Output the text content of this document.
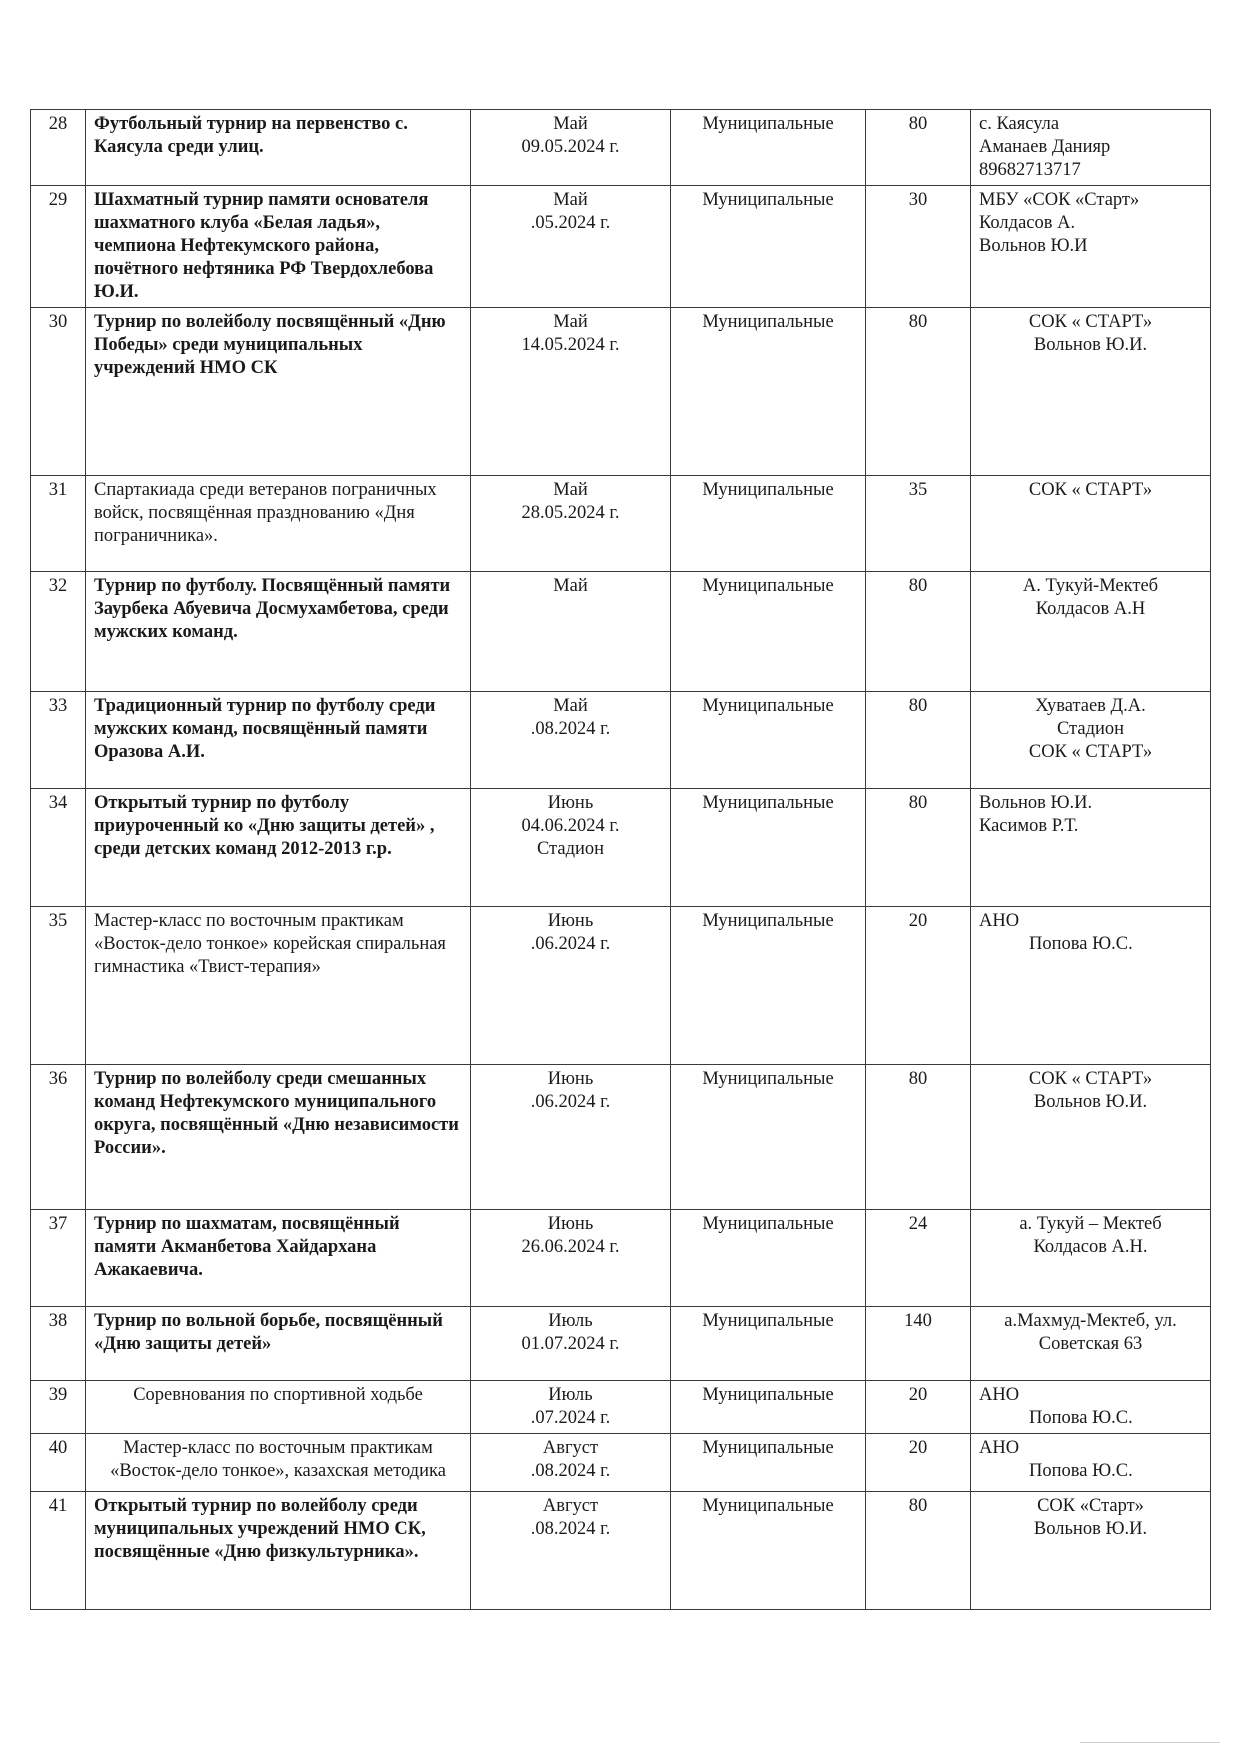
28	Футбольный турнир на первенство с. Каясула среди улиц.	Май
09.05.2024 г.	Муниципальные	80	с. Каясула
Аманаев Данияр
89682713717

29	Шахматный турнир памяти основателя шахматного клуба «Белая ладья», чемпиона Нефтекумского района, почётного нефтяника РФ Твердохлебова Ю.И.	Май
.05.2024 г.	Муниципальные	30	МБУ «СОК «Старт»
Колдасов А.
Вольнов Ю.И

30	Турнир по волейболу посвящённый «Дню Победы» среди муниципальных учреждений НМО СК	Май
14.05.2024 г.	Муниципальные	80	СОК « СТАРТ»
Вольнов Ю.И.

31	Спартакиада среди ветеранов пограничных войск, посвящённая празднованию «Дня пограничника».	Май
28.05.2024 г.	Муниципальные	35	СОК « СТАРТ»

32	Турнир по футболу. Посвящённый памяти Заурбека Абуевича Досмухамбетова, среди мужских команд.	Май	Муниципальные	80	А. Тукуй-Мектеб
Колдасов А.Н

33	Традиционный турнир по футболу среди мужских команд, посвящённый памяти Оразова А.И.	Май
.08.2024 г.	Муниципальные	80	Хуватаев Д.А.
Стадион
СОК « СТАРТ»

34	Открытый турнир по футболу приуроченный ко «Дню защиты детей» , среди детских команд 2012-2013 г.р.	Июнь
04.06.2024 г.
Стадион	Муниципальные	80	Вольнов Ю.И.
Касимов Р.Т.

35	Мастер-класс по восточным практикам «Восток-дело тонкое» корейская спиральная гимнастика «Твист-терапия»	Июнь
.06.2024 г.	Муниципальные	20	АНО
Попова Ю.С.

36	Турнир по волейболу среди смешанных команд Нефтекумского муниципального округа, посвящённый «Дню независимости России».	Июнь
.06.2024 г.	Муниципальные	80	СОК « СТАРТ»
Вольнов Ю.И.

37	Турнир по шахматам, посвящённый памяти Акманбетова Хайдархана Ажакаевича.	Июнь
26.06.2024 г.	Муниципальные	24	а. Тукуй – Мектеб
Колдасов А.Н.

38	Турнир по вольной борьбе, посвящённый «Дню защиты детей»	Июль
01.07.2024 г.	Муниципальные	140	а.Махмуд-Мектеб, ул.
Советская 63

39	Соревнования по спортивной ходьбе	Июль
.07.2024 г.	Муниципальные	20	АНО
Попова Ю.С.

40	Мастер-класс по восточным практикам «Восток-дело тонкое», казахская методика	Август
.08.2024 г.	Муниципальные	20	АНО
Попова Ю.С.

41	Открытый турнир по волейболу среди муниципальных учреждений НМО СК, посвящённые «Дню физкультурника».	Август
.08.2024 г.	Муниципальные	80	СОК «Старт»
Вольнов Ю.И.
